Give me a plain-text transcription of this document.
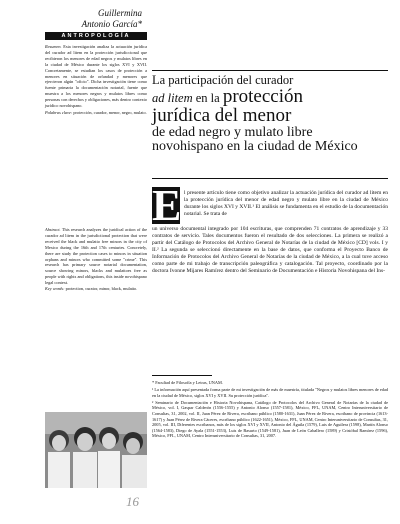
Guillermina
Antonio García*
ANTROPOLOGÍA
Resumen. Esta investigación analiza la actuación jurídica del curador ad litem en la protección jurisdiccional que recibieron los menores de edad negros y mulatos libres en la ciudad de México durante los siglos XVI y XVII. Concretamente, se estudian los casos de protección a menores en situación de orfandad y menores que ejercieron algún "oficio". Dicha investigación tiene como fuente primaria la documentación notarial, fuente que muestra a los menores negros y mulatos libres como personas con derechos y obligaciones, más dentro contexto jurídico novohispano.
Palabras clave: protección, curador, menor, negro, mulato.
Abstract. This research analyzes the juridical action of the curador ad litem in the jurisdictional protection that were received the black and mulatto free minors in the city of Mexico during the 16th and 17th centuries. Concretely, there are study the protection cases to minors in situation orphans and minors who committed some "crime". This research has primary source notarial documentation, source showing minors, blacks and mulattoes free as people with rights and obligations, this inside novohispano legal context.
Key words: protection, curator, minor, black, mulatto.
La participación del curador
ad litem en la protección
jurídica del menor
de edad negro y mulato libre
novohispano en la ciudad de México
E l presente artículo tiene como objetivo analizar la actuación jurídica del curador ad litem en la protección jurídica del menor de edad negro y mulato libre en la ciudad de México durante los siglos XVI y XVII.¹ El análisis se fundamenta en el estudio de la documentación notarial. Se trata de
un universo documental integrado por 104 escrituras, que comprenden 71 contratos de aprendizaje y 33 contratos de servicio. Tales documentos fueron el resultado de dos selecciones. La primera se realizó a partir del Catálogo de Protocolos del Archivo General de Notarías de la ciudad de México [CD] vols. I y II.² La segunda se seleccionó directamente en la base de datos, que conforma el Proyecto Banco de Información de Protocolos del Archivo General de Notarías de la ciudad de México, a la cual tuve acceso como parte de mi trabajo de transcripción paleográfica y catalogación. Tal proyecto, coordinado por la doctora Ivonne Mijares Ramírez dentro del Seminario de Documentación e Historia Novohispana del Ins-

* Facultad de Filosofía y Letras, UNAM.

¹ La información aquí presentada forma parte de mi investigación de más de maestría, titulada "Negros y mulatos libres menores de edad en la ciudad de México, siglos XVI y XVII. Su protección jurídica".

² Seminario de Documentación e Historia Novohispana, Catálogo de Protocolos del Archivo General de Notarías de la ciudad de México, vol. I, Gaspar Calderón (1556-1555) y Antonio Alonso (1557-1581), México, FFL, UNAM, Centro Interuniversitario de Consultas, 31, 2002, vol. II, Juan Pérez de Rivera, escribano público (1580-1631), Juan Pérez de Rivera, escribano de provincia (1613-1617) y Juan Pérez de Rivera Cáceres, escribano público (1622-1651), México, FFL, UNAM, Centro Interuniversitario de Consultas, 31, 2005, vol. III, Diferentes escribanos, más de los siglos XVI y XVII, Antonio del Águila (1579), Luis de Aguilera (1598), Martín Alonso (1564-1583), Diego de Ayala (1551-1553), Luis de Basurto (1549-1581), Juan de León Caballero (1589) y Cristóbal Ramírez (1596), México, FFL, UNAM, Centro Interuniversitario de Consultas, 31, 2007.

16
